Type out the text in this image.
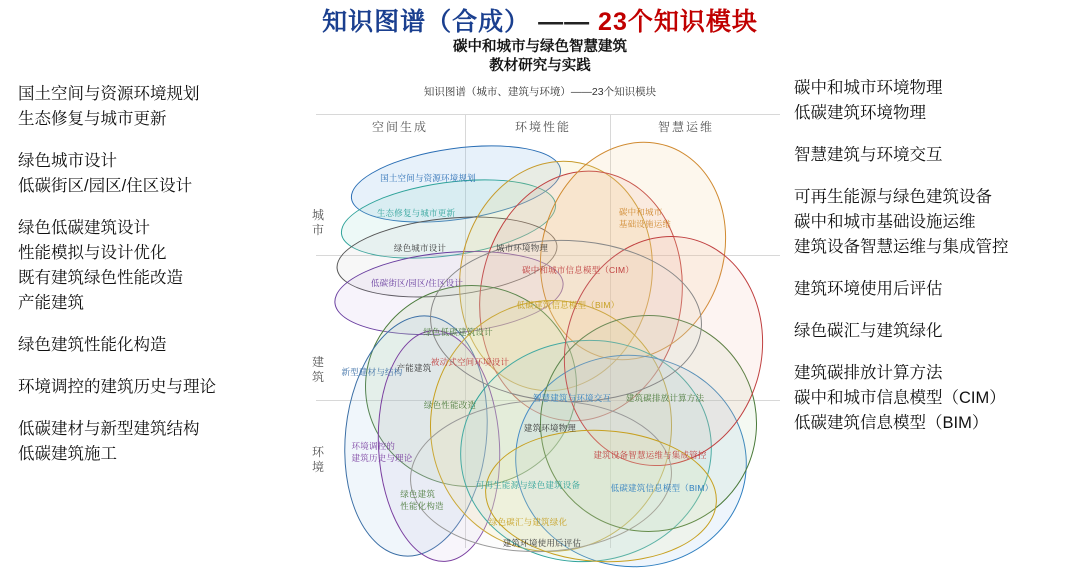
知识图谱（合成） —— 23个知识模块
碳中和城市与绿色智慧建筑
教材研究与实践
知识图谱（城市、建筑与环境）——23个知识模块
国土空间与资源环境规划
生态修复与城市更新
绿色城市设计
低碳街区/园区/住区设计
绿色低碳建筑设计
性能模拟与设计优化
既有建筑绿色性能改造
产能建筑
绿色建筑性能化构造
环境调控的建筑历史与理论
低碳建材与新型建筑结构
低碳建筑施工
碳中和城市环境物理
低碳建筑环境物理
智慧建筑与环境交互
可再生能源与绿色建筑设备
碳中和城市基础设施运维
建筑设备智慧运维与集成管控
建筑环境使用后评估
绿色碳汇与建筑绿化
建筑碳排放计算方法
碳中和城市信息模型（CIM）
低碳建筑信息模型（BIM）
空间生成	环境性能	智慧运维
城
市
建
筑
环
境
国土空间与资源环境规划
生态修复与城市更新
绿色城市设计	城市环境物理
低碳街区/园区/住区设计
碳中和城市信息模型（CIM）
碳中和城市
基础设施运维
低碳建筑信息模型（BIM）
绿色低碳建筑设计
被动式空间环境设计
新型建材与结构
产能建筑
绿色性能改造
智慧建筑与环境交互 建筑碳排放计算方法
建筑环境物理
建筑设备智慧运维与集成管控
环境调控的
建筑历史与理论
可再生能源与绿色建筑设备	低碳建筑信息模型（BIM）
绿色建筑
性能化构造
绿色碳汇与建筑绿化
建筑环境使用后评估
